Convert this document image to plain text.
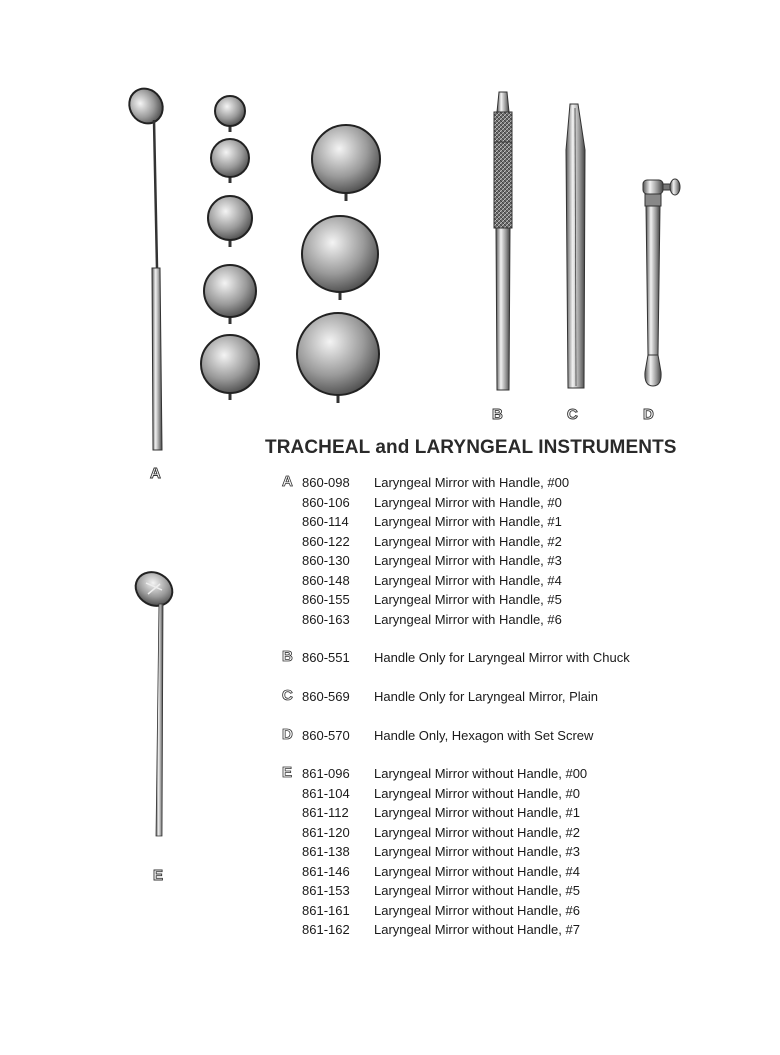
A
B	C	D
E
TRACHEAL and LARYNGEAL INSTRUMENTS
A 860-098	Laryngeal Mirror with Handle, #00
860-106	Laryngeal Mirror with Handle, #0
860-114	Laryngeal Mirror with Handle, #1
860-122	Laryngeal Mirror with Handle, #2
860-130	Laryngeal Mirror with Handle, #3
860-148	Laryngeal Mirror with Handle, #4
860-155	Laryngeal Mirror with Handle, #5
860-163	Laryngeal Mirror with Handle, #6
B 860-551	Handle Only for Laryngeal Mirror with Chuck
C 860-569	Handle Only for Laryngeal Mirror, Plain
D 860-570	Handle Only, Hexagon with Set Screw
E 861-096	Laryngeal Mirror without Handle, #00
861-104	Laryngeal Mirror without Handle, #0
861-112	Laryngeal Mirror without Handle, #1
861-120	Laryngeal Mirror without Handle, #2
861-138	Laryngeal Mirror without Handle, #3
861-146	Laryngeal Mirror without Handle, #4
861-153	Laryngeal Mirror without Handle, #5
861-161	Laryngeal Mirror without Handle, #6
861-162	Laryngeal Mirror without Handle, #7
